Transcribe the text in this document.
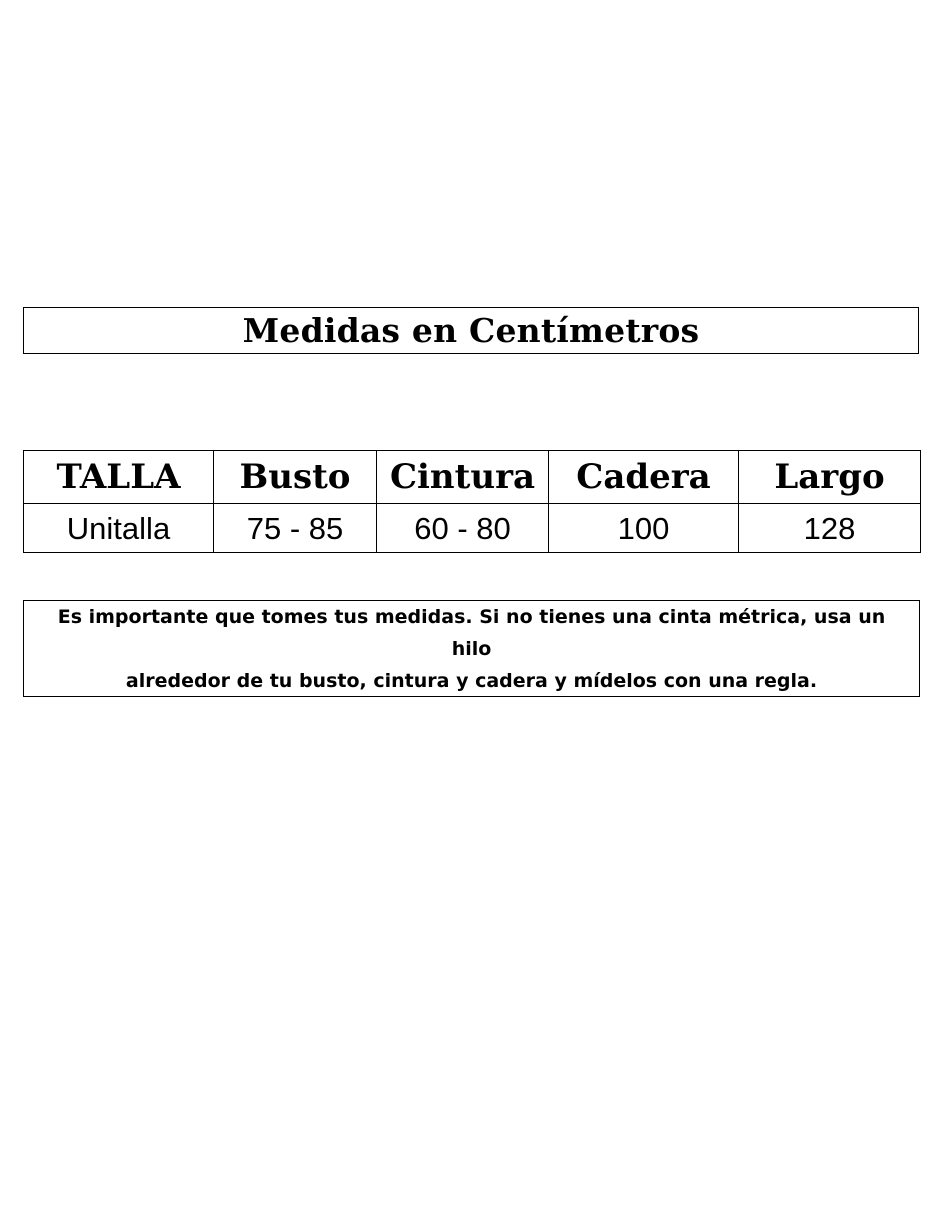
Medidas en Centímetros
TALLA	Busto	Cintura	Cadera	Largo
Unitalla	75 - 85	60 - 80	100	128

Es importante que tomes tus medidas. Si no tienes una cinta métrica, usa un hilo
alrededor de tu busto, cintura y cadera y mídelos con una regla.
